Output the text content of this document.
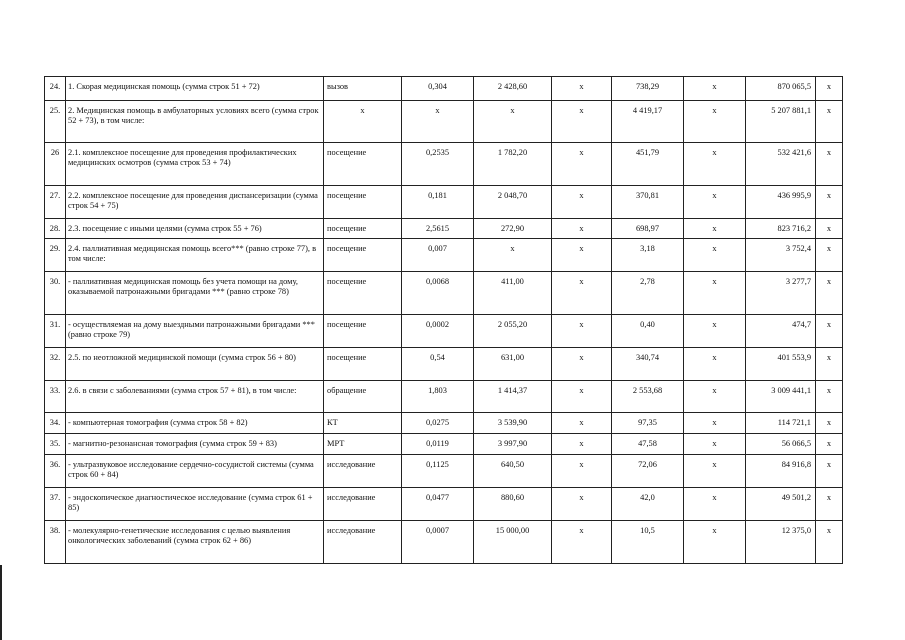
24.	1. Скорая медицинская помощь (сумма строк 51 + 72)	вызов	0,304	2 428,60	x	738,29	x	870 065,5	x
25.	2. Медицинская помощь в амбулаторных условиях всего (сумма строк 52 + 73), в том числе:	x	x	x	x	4 419,17	x	5 207 881,1	x
26	2.1. комплексное посещение для проведения профилактических медицинских осмотров (сумма строк 53 + 74)	посещение	0,2535	1 782,20	x	451,79	x	532 421,6	x
27.	2.2. комплексное посещение для проведения диспансеризации (сумма строк 54 + 75)	посещение	0,181	2 048,70	x	370,81	x	436 995,9	x
28.	2.3. посещение с иными целями (сумма строк 55 + 76)	посещение	2,5615	272,90	x	698,97	x	823 716,2	x
29.	2.4. паллиативная медицинская помощь всего*** (равно строке 77), в том числе:	посещение	0,007	x	x	3,18	x	3 752,4	x
30.	- паллиативная медицинская помощь без учета помощи на дому, оказываемой патронажными бригадами *** (равно строке 78)	посещение	0,0068	411,00	x	2,78	x	3 277,7	x
31.	- осуществляемая на дому выездными патронажными бригадами *** (равно строке 79)	посещение	0,0002	2 055,20	x	0,40	x	474,7	x
32.	2.5. по неотложной медицинской помощи (сумма строк 56 + 80)	посещение	0,54	631,00	x	340,74	x	401 553,9	x
33.	2.6. в связи с заболеваниями (сумма строк 57 + 81), в том числе:	обращение	1,803	1 414,37	x	2 553,68	x	3 009 441,1	x
34.	- компьютерная томография (сумма строк 58 + 82)	КТ	0,0275	3 539,90	x	97,35	x	114 721,1	x
35.	- магнитно-резонансная томография (сумма строк 59 + 83)	МРТ	0,0119	3 997,90	x	47,58	x	56 066,5	x
36.	- ультразвуковое исследование сердечно-сосудистой системы (сумма строк 60 + 84)	исследование	0,1125	640,50	x	72,06	x	84 916,8	x
37.	- эндоскопическое диагностическое исследование (сумма строк 61 + 85)	исследование	0,0477	880,60	x	42,0	x	49 501,2	x
38.	- молекулярно-генетические исследования с целью выявления онкологических заболеваний (сумма строк 62 + 86)	исследование	0,0007	15 000,00	x	10,5	x	12 375,0	x
